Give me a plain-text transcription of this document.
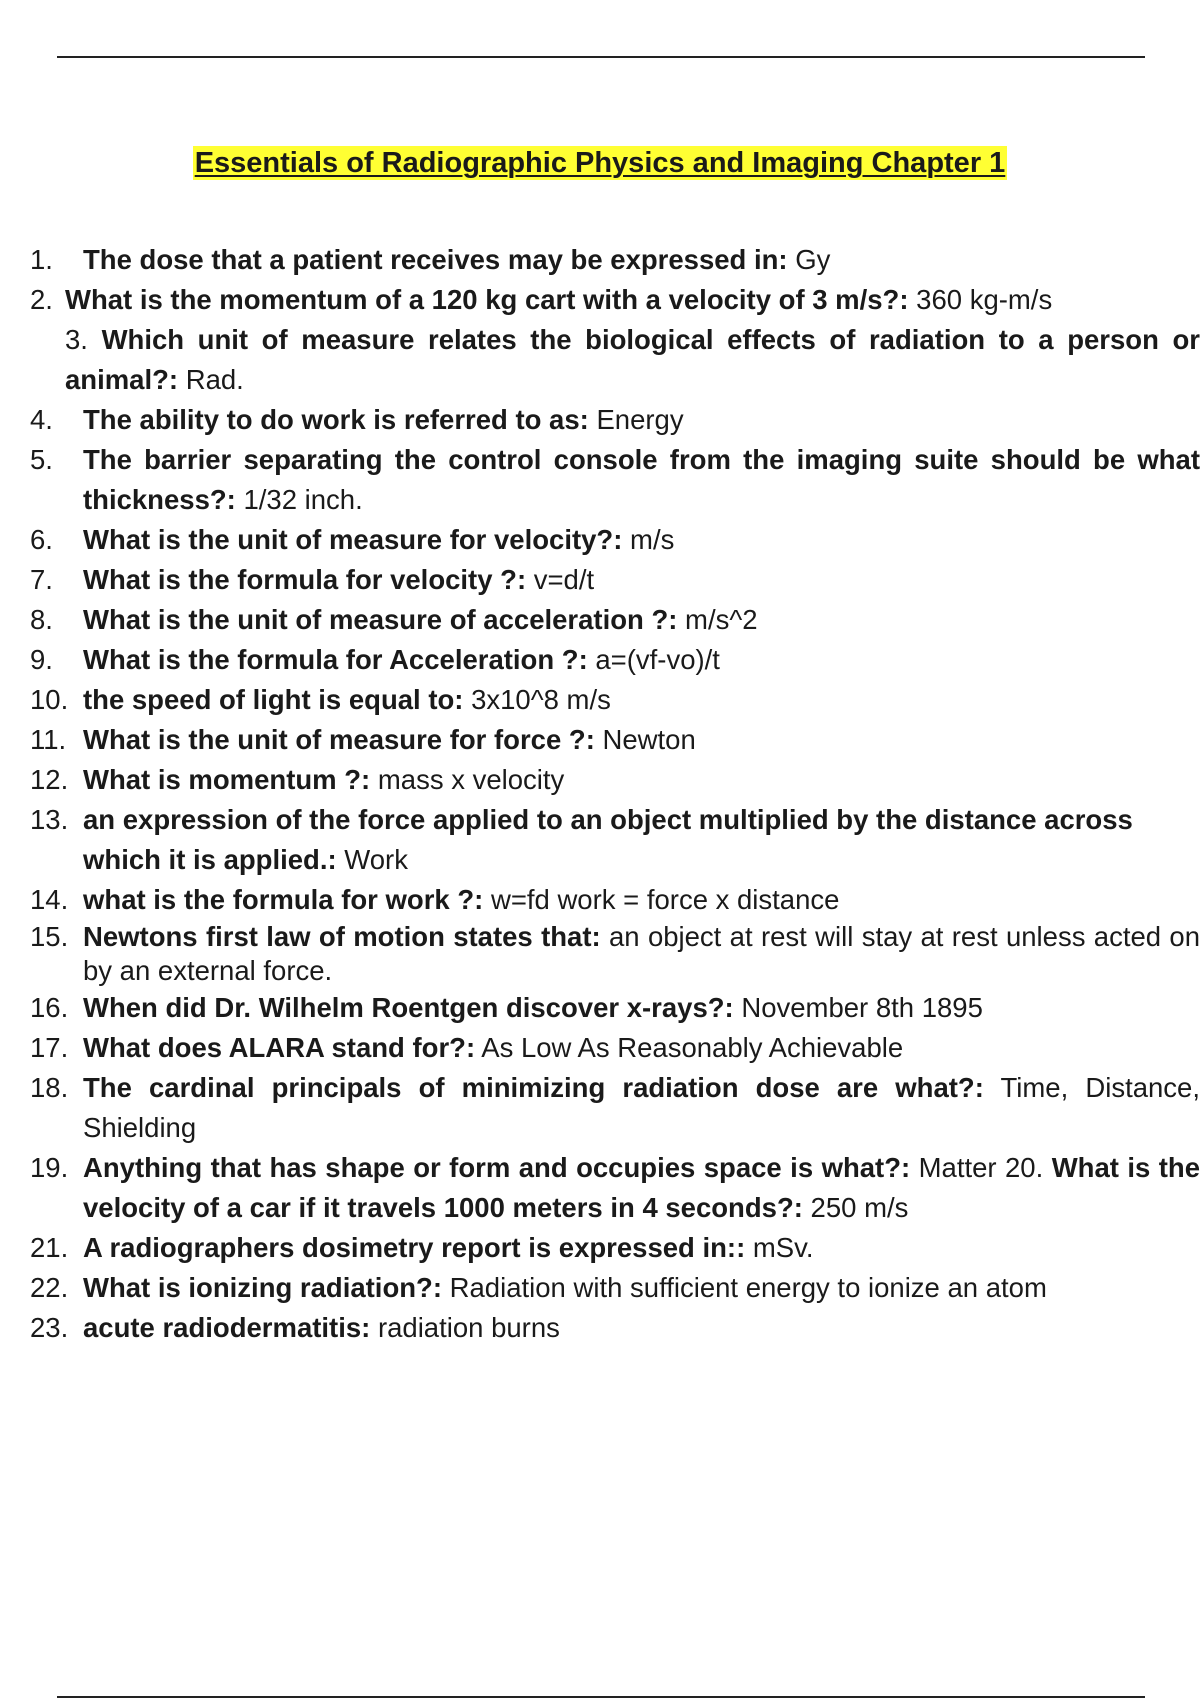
Essentials of Radiographic Physics and Imaging Chapter 1
1.	The dose that a patient receives may be expressed in: Gy
2. What is the momentum of a 120 kg cart with a velocity of 3 m/s?: 360 kg-m/s
3. Which unit of measure relates the biological effects of radiation to a person or animal?: Rad.
4.	The ability to do work is referred to as: Energy
5.	The barrier separating the control console from the imaging suite should be what thickness?: 1/32 inch.
6.	What is the unit of measure for velocity?: m/s
7.	What is the formula for velocity ?: v=d/t
8.	What is the unit of measure of acceleration ?: m/s^2
9.	What is the formula for Acceleration ?: a=(vf-vo)/t
10. the speed of light is equal to: 3x10^8 m/s
11. What is the unit of measure for force ?: Newton
12. What is momentum ?: mass x velocity
13. an expression of the force applied to an object multiplied by the distance across which it is applied.: Work
14. what is the formula for work ?: w=fd work = force x distance
15. Newtons first law of motion states that: an object at rest will stay at rest unless acted on by an external force.
16. When did Dr. Wilhelm Roentgen discover x-rays?: November 8th 1895
17. What does ALARA stand for?: As Low As Reasonably Achievable
18. The cardinal principals of minimizing radiation dose are what?: Time, Distance, Shielding
19. Anything that has shape or form and occupies space is what?: Matter 20. What is the velocity of a car if it travels 1000 meters in 4 seconds?: 250 m/s
21. A radiographers dosimetry report is expressed in:: mSv.
22. What is ionizing radiation?: Radiation with sufficient energy to ionize an atom
23. acute radiodermatitis: radiation burns
